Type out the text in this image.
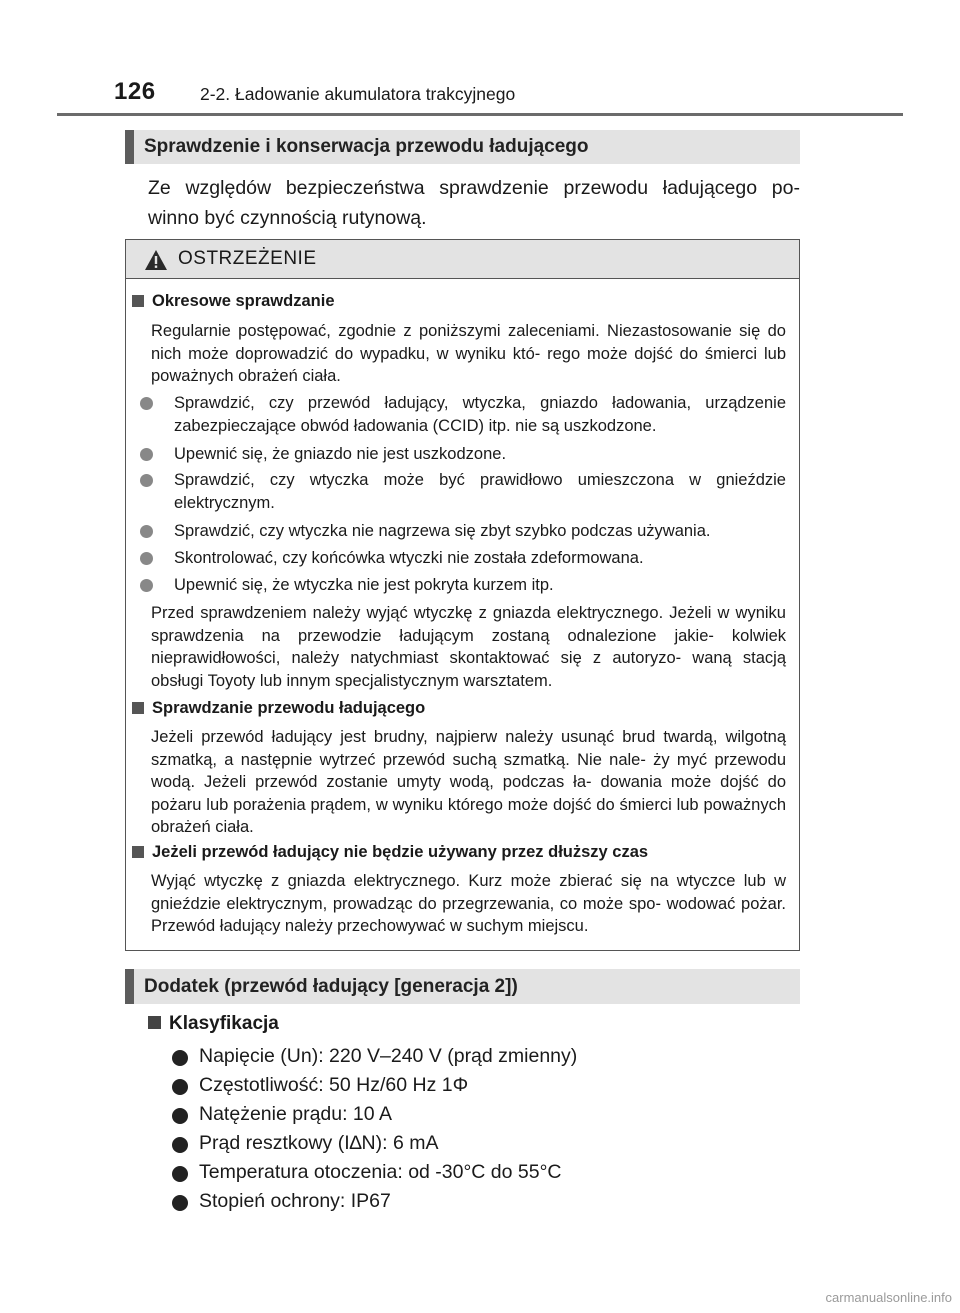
126	2-2. Ładowanie akumulatora trakcyjnego
Sprawdzenie i konserwacja przewodu ładującego
Ze względów bezpieczeństwa sprawdzenie przewodu ładującego po-
winno być czynnością rutynową.
OSTRZEŻENIE
Okresowe sprawdzanie
Regularnie postępować, zgodnie z poniższymi zaleceniami. Niezastosowanie się do nich może doprowadzić do wypadku, w wyniku któ- rego może dojść do śmierci lub poważnych obrażeń ciała.
Sprawdzić, czy przewód ładujący, wtyczka, gniazdo ładowania, urządzenie zabezpieczające obwód ładowania (CCID) itp. nie są uszkodzone.
Upewnić się, że gniazdo nie jest uszkodzone.
Sprawdzić, czy wtyczka może być prawidłowo umieszczona w gnieździe elektrycznym.
Sprawdzić, czy wtyczka nie nagrzewa się zbyt szybko podczas używania.
Skontrolować, czy końcówka wtyczki nie została zdeformowana.
Upewnić się, że wtyczka nie jest pokryta kurzem itp.
Przed sprawdzeniem należy wyjąć wtyczkę z gniazda elektrycznego. Jeżeli w wyniku sprawdzenia na przewodzie ładującym zostaną odnalezione jakie- kolwiek nieprawidłowości, należy natychmiast skontaktować się z autoryzo- waną stacją obsługi Toyoty lub innym specjalistycznym warsztatem.
Sprawdzanie przewodu ładującego
Jeżeli przewód ładujący jest brudny, najpierw należy usunąć brud twardą, wilgotną szmatką, a następnie wytrzeć przewód suchą szmatką. Nie nale- ży myć przewodu wodą. Jeżeli przewód zostanie umyty wodą, podczas ła- dowania może dojść do pożaru lub porażenia prądem, w wyniku którego może dojść do śmierci lub poważnych obrażeń ciała.
Jeżeli przewód ładujący nie będzie używany przez dłuższy czas
Wyjąć wtyczkę z gniazda elektrycznego. Kurz może zbierać się na wtyczce lub w gnieździe elektrycznym, prowadząc do przegrzewania, co może spo- wodować pożar. Przewód ładujący należy przechowywać w suchym miejscu.
Dodatek (przewód ładujący [generacja 2])
Klasyfikacja
Napięcie (Un): 220 V–240 V (prąd zmienny)
Częstotliwość: 50 Hz/60 Hz 1Φ
Natężenie prądu: 10 A
Prąd resztkowy (I∆N): 6 mA
Temperatura otoczenia: od -30°C do 55°C
Stopień ochrony: IP67
carmanualsonline.info
